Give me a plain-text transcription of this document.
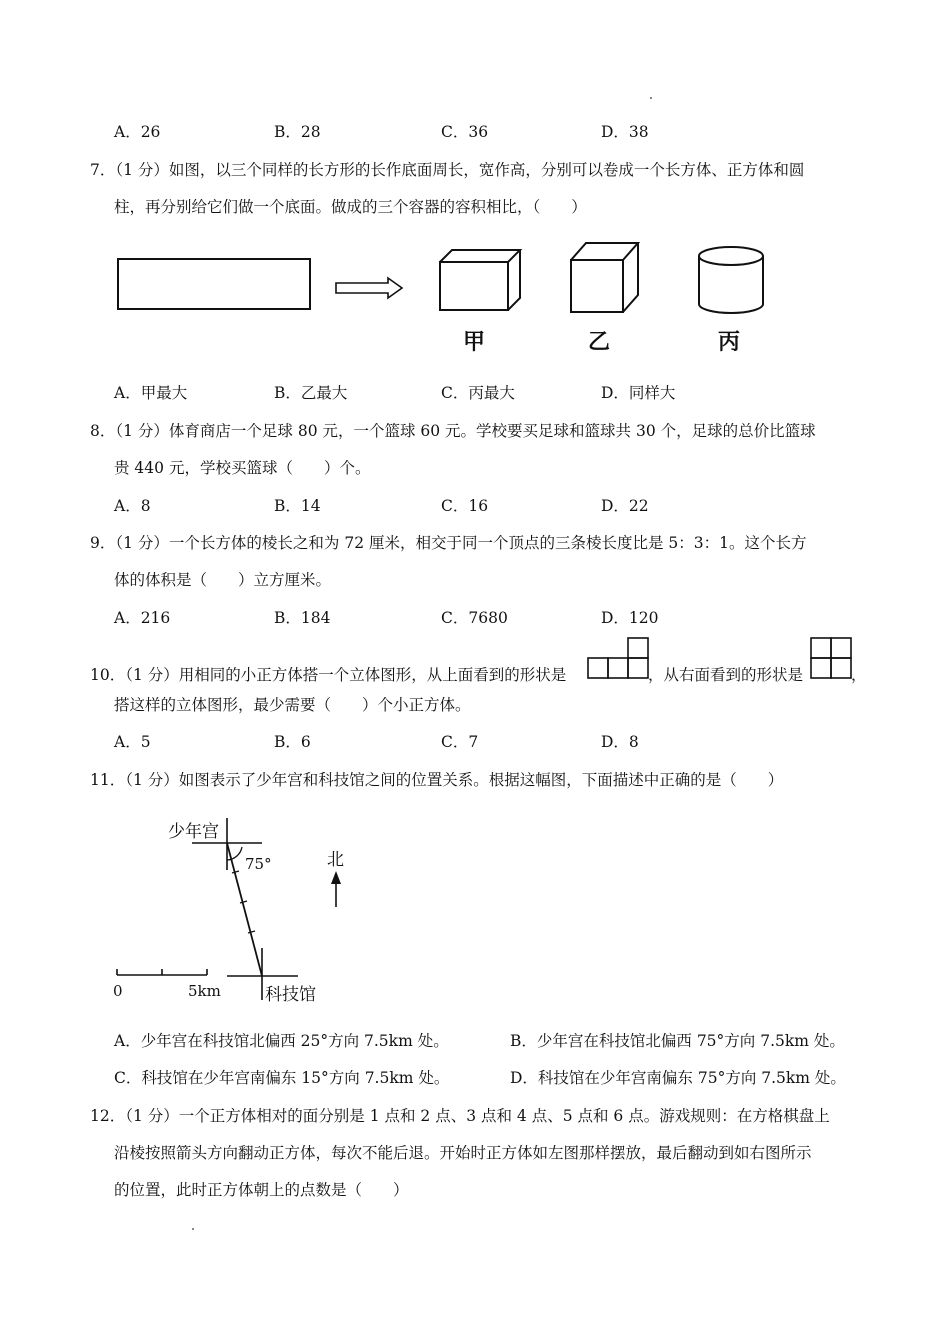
A．26	B．28	C．36	D．38
7．（1 分）如图，以三个同样的长方形的长作底面周长，宽作高，分别可以卷成一个长方体、正方体和圆
柱，再分别给它们做一个底面。做成的三个容器的容积相比，（　　）
甲	乙	丙
A．甲最大	B．乙最大	C．丙最大	D．同样大
8．（1 分）体育商店一个足球 80 元，一个篮球 60 元。学校要买足球和篮球共 30 个，足球的总价比篮球
贵 440 元，学校买篮球（　　）个。
A．8	B．14	C．16	D．22
9．（1 分）一个长方体的棱长之和为 72 厘米，相交于同一个顶点的三条棱长度比是 5：3：1。这个长方
体的体积是（　　）立方厘米。
A．216	B．184	C．7680	D．120
10．（1 分）用相同的小正方体搭一个立体图形，从上面看到的形状是	，从右面看到的形状是	，
搭这样的立体图形，最少需要（　　）个小正方体。
A．5	B．6	C．7	D．8
11．（1 分）如图表示了少年宫和科技馆之间的位置关系。根据这幅图，下面描述中正确的是（　　）
少年宫
75°	北
0	5km	科技馆
A．少年宫在科技馆北偏西 25°方向 7.5km 处。	B．少年宫在科技馆北偏西 75°方向 7.5km 处。
C．科技馆在少年宫南偏东 15°方向 7.5km 处。	D．科技馆在少年宫南偏东 75°方向 7.5km 处。
12．（1 分）一个正方体相对的面分别是 1 点和 2 点、3 点和 4 点、5 点和 6 点。游戏规则：在方格棋盘上
沿棱按照箭头方向翻动正方体，每次不能后退。开始时正方体如左图那样摆放，最后翻动到如右图所示
的位置，此时正方体朝上的点数是（　　）
